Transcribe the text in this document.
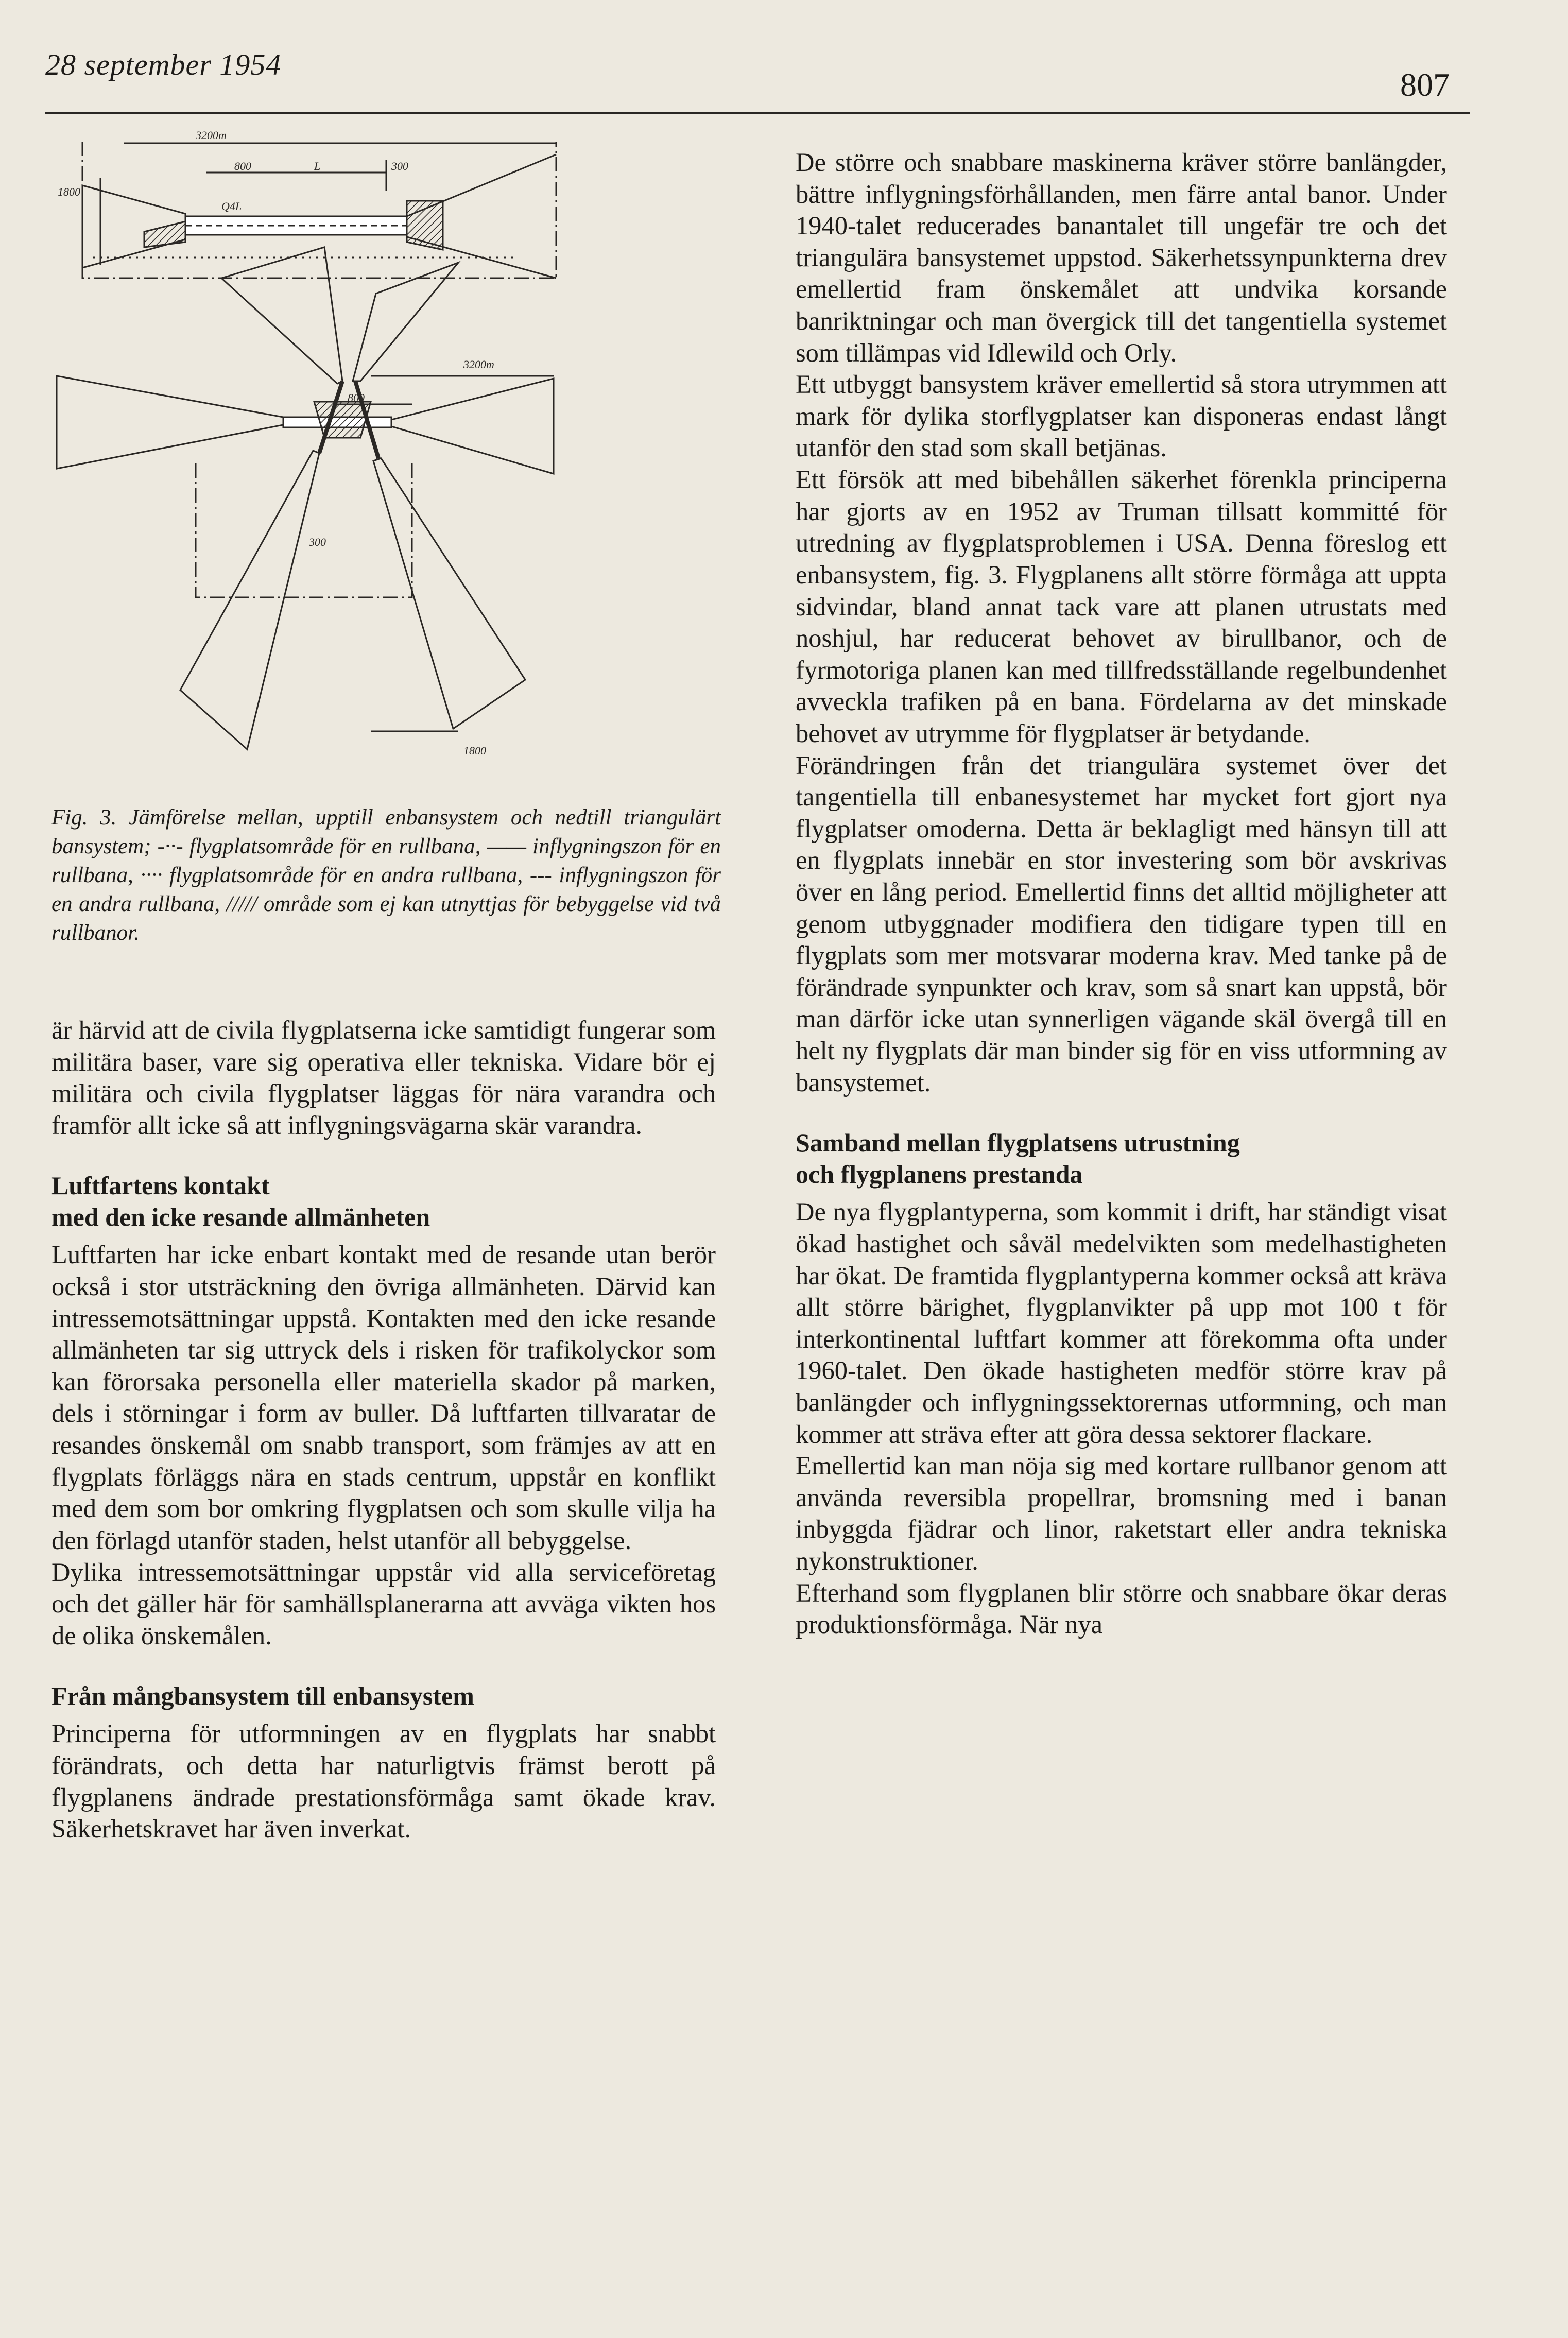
28 september 1954
807
3200m
1800
800	L	300
Q4L
3200m
800
300
1800
Fig. 3. Jämförelse mellan, upptill enbansystem och nedtill triangulärt bansystem; -··- flygplatsområde för en rullbana, —— inflygningszon för en rullbana, ···· flygplatsområde för en andra rullbana, --- inflygningszon för en andra rullbana, ///// område som ej kan utnyttjas för bebyggelse vid två rullbanor.

är härvid att de civila flygplatserna icke samtidigt fungerar som militära baser, vare sig operativa eller tekniska. Vidare bör ej militära och civila flygplatser läggas för nära varandra och framför allt icke så att inflygningsvägarna skär varandra.

Luftfartens kontakt
med den icke resande allmänheten

Luftfarten har icke enbart kontakt med de resande utan berör också i stor utsträckning den övriga allmänheten. Därvid kan intressemotsättningar uppstå. Kontakten med den icke resande allmänheten tar sig uttryck dels i risken för trafikolyckor som kan förorsaka personella eller materiella skador på marken, dels i störningar i form av buller. Då luftfarten tillvaratar de resandes önskemål om snabb transport, som främjes av att en flygplats förläggs nära en stads centrum, uppstår en konflikt med dem som bor omkring flygplatsen och som skulle vilja ha den förlagd utanför staden, helst utanför all bebyggelse.

Dylika intressemotsättningar uppstår vid alla serviceföretag och det gäller här för samhällsplanerarna att avväga vikten hos de olika önskemålen.

Från mångbansystem till enbansystem

Principerna för utformningen av en flygplats har snabbt förändrats, och detta har naturligtvis främst berott på flygplanens ändrade prestationsförmåga samt ökade krav. Säkerhetskravet har även inverkat.

De större och snabbare maskinerna kräver större banlängder, bättre inflygningsförhållanden, men färre antal banor. Under 1940-talet reducerades banantalet till ungefär tre och det triangulära bansystemet uppstod. Säkerhetssynpunkterna drev emellertid fram önskemålet att undvika korsande banriktningar och man övergick till det tangentiella systemet som tillämpas vid Idlewild och Orly.

Ett utbyggt bansystem kräver emellertid så stora utrymmen att mark för dylika storflygplatser kan disponeras endast långt utanför den stad som skall betjänas.

Ett försök att med bibehållen säkerhet förenkla principerna har gjorts av en 1952 av Truman tillsatt kommitté för utredning av flygplatsproblemen i USA. Denna föreslog ett enbansystem, fig. 3. Flygplanens allt större förmåga att uppta sidvindar, bland annat tack vare att planen utrustats med noshjul, har reducerat behovet av birullbanor, och de fyrmotoriga planen kan med tillfredsställande regelbundenhet avveckla trafiken på en bana. Fördelarna av det minskade behovet av utrymme för flygplatser är betydande.

Förändringen från det triangulära systemet över det tangentiella till enbanesystemet har mycket fort gjort nya flygplatser omoderna. Detta är beklagligt med hänsyn till att en flygplats innebär en stor investering som bör avskrivas över en lång period. Emellertid finns det alltid möjligheter att genom utbyggnader modifiera den tidigare typen till en flygplats som mer motsvarar moderna krav. Med tanke på de förändrade synpunkter och krav, som så snart kan uppstå, bör man därför icke utan synnerligen vägande skäl övergå till en helt ny flygplats där man binder sig för en viss utformning av bansystemet.

Samband mellan flygplatsens utrustning
och flygplanens prestanda

De nya flygplantyperna, som kommit i drift, har ständigt visat ökad hastighet och såväl medelvikten som medelhastigheten har ökat. De framtida flygplantyperna kommer också att kräva allt större bärighet, flygplanvikter på upp mot 100 t för interkontinental luftfart kommer att förekomma ofta under 1960-talet. Den ökade hastigheten medför större krav på banlängder och inflygningssektorernas utformning, och man kommer att sträva efter att göra dessa sektorer flackare.

Emellertid kan man nöja sig med kortare rullbanor genom att använda reversibla propellrar, bromsning med i banan inbyggda fjädrar och linor, raketstart eller andra tekniska nykonstruktioner.

Efterhand som flygplanen blir större och snabbare ökar deras produktionsförmåga. När nya
